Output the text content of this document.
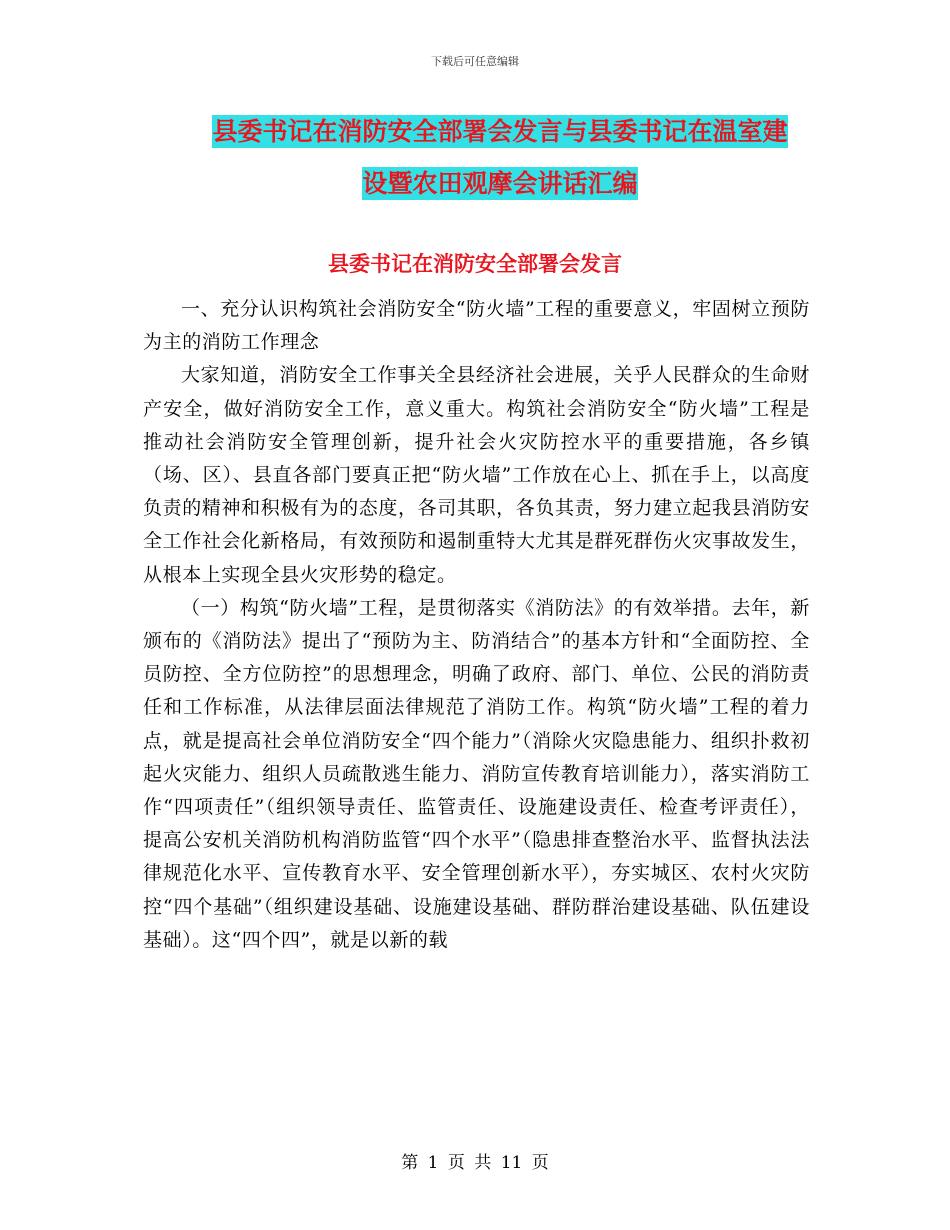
下载后可任意编辑
县委书记在消防安全部署会发言与县委书记在温室建
设暨农田观摩会讲话汇编
县委书记在消防安全部署会发言

一、充分认识构筑社会消防安全“防火墙”工程的重要意义，牢固树立预防为主的消防工作理念

大家知道，消防安全工作事关全县经济社会进展，关乎人民群众的生命财产安全，做好消防安全工作，意义重大。构筑社会消防安全“防火墙”工程是推动社会消防安全管理创新，提升社会火灾防控水平的重要措施，各乡镇（场、区）、县直各部门要真正把“防火墙”工作放在心上、抓在手上，以高度负责的精神和积极有为的态度，各司其职，各负其责，努力建立起我县消防安全工作社会化新格局，有效预防和遏制重特大尤其是群死群伤火灾事故发生，从根本上实现全县火灾形势的稳定。

（一）构筑“防火墙”工程，是贯彻落实《消防法》的有效举措。去年，新颁布的《消防法》提出了“预防为主、防消结合”的基本方针和“全面防控、全员防控、全方位防控”的思想理念，明确了政府、部门、单位、公民的消防责任和工作标准，从法律层面法律规范了消防工作。构筑“防火墙”工程的着力点，就是提高社会单位消防安全“四个能力”（消除火灾隐患能力、组织扑救初起火灾能力、组织人员疏散逃生能力、消防宣传教育培训能力），落实消防工作“四项责任”（组织领导责任、监管责任、设施建设责任、检查考评责任），提高公安机关消防机构消防监管“四个水平”（隐患排查整治水平、监督执法法律规范化水平、宣传教育水平、安全管理创新水平），夯实城区、农村火灾防控“四个基础”（组织建设基础、设施建设基础、群防群治建设基础、队伍建设基础）。这“四个四”，就是以新的载

第 1 页 共 11 页
